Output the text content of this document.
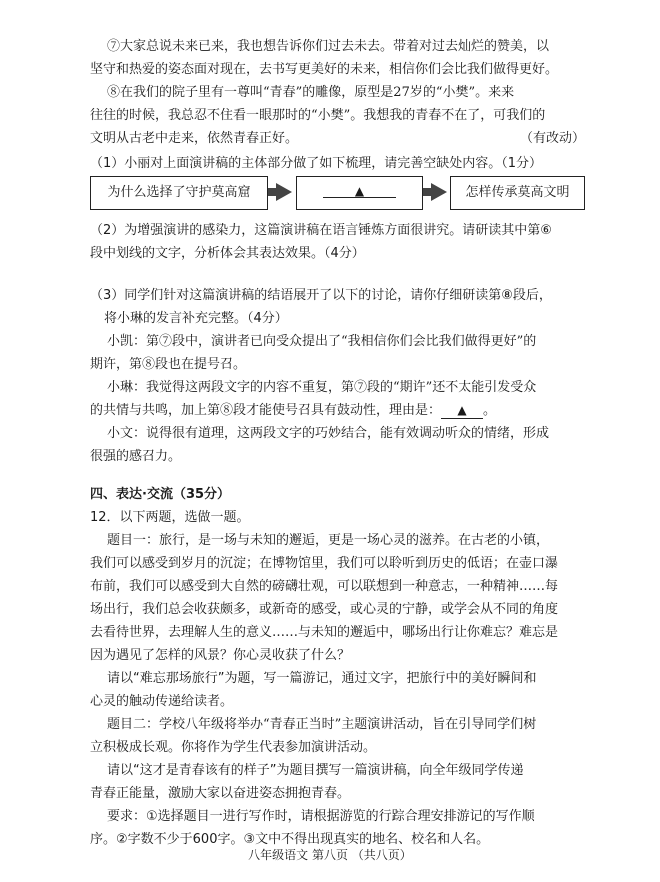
⑦大家总说未来已来，我也想告诉你们过去未去。带着对过去灿烂的赞美，以
坚守和热爱的姿态面对现在，去书写更美好的未来，相信你们会比我们做得更好。
⑧在我们的院子里有一尊叫“青春”的雕像，原型是27岁的“小樊”。来来
往往的时候，我总忍不住看一眼那时的“小樊”。我想我的青春不在了，可我们的
文明从古老中走来，依然青春正好。	（有改动）
（1）小丽对上面演讲稿的主体部分做了如下梳理，请完善空缺处内容。（1分）
为什么选择了守护莫高窟	▲	怎样传承莫高文明
（2）为增强演讲的感染力，这篇演讲稿在语言锤炼方面很讲究。请研读其中第⑥
段中划线的文字，分析体会其表达效果。（4分）
（3）同学们针对这篇演讲稿的结语展开了以下的讨论，请你仔细研读第⑧段后，
将小琳的发言补充完整。（4分）
小凯：第⑦段中，演讲者已向受众提出了“我相信你们会比我们做得更好”的
期许，第⑧段也在提号召。
小琳：我觉得这两段文字的内容不重复，第⑦段的“期许”还不太能引发受众
的共情与共鸣，加上第⑧段才能使号召具有鼓动性，理由是： ▲ 。
小文：说得很有道理，这两段文字的巧妙结合，能有效调动听众的情绪，形成
很强的感召力。
四、表达·交流（35分）
12．以下两题，选做一题。
题目一：旅行，是一场与未知的邂逅，更是一场心灵的滋养。在古老的小镇，
我们可以感受到岁月的沉淀；在博物馆里，我们可以聆听到历史的低语；在壶口瀑
布前，我们可以感受到大自然的磅礴壮观，可以联想到一种意志，一种精神……每
场出行，我们总会收获颇多，或新奇的感受，或心灵的宁静，或学会从不同的角度
去看待世界，去理解人生的意义……与未知的邂逅中，哪场出行让你难忘？难忘是
因为遇见了怎样的风景？你心灵收获了什么？
请以“难忘那场旅行”为题，写一篇游记，通过文字，把旅行中的美好瞬间和
心灵的触动传递给读者。
题目二：学校八年级将举办“青春正当时”主题演讲活动，旨在引导同学们树
立积极成长观。你将作为学生代表参加演讲活动。
请以“这才是青春该有的样子”为题目撰写一篇演讲稿，向全年级同学传递
青春正能量，激励大家以奋进姿态拥抱青春。
要求：①选择题目一进行写作时，请根据游览的行踪合理安排游记的写作顺
序。②字数不少于600字。③文中不得出现真实的地名、校名和人名。
八年级语文 第八页 （共八页）
